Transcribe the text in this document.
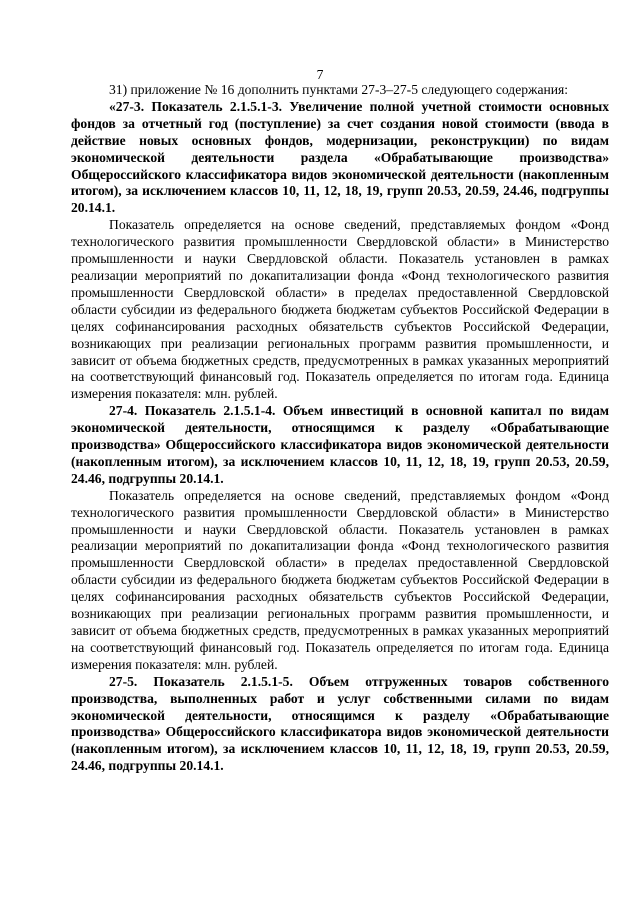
7

31) приложение № 16 дополнить пунктами 27-3–27-5 следующего содержания:

«27-3. Показатель 2.1.5.1-3. Увеличение полной учетной стоимости основных фондов за отчетный год (поступление) за счет создания новой стоимости (ввода в действие новых основных фондов, модернизации, реконструкции) по видам экономической деятельности раздела «Обрабатывающие производства» Общероссийского классификатора видов экономической деятельности (накопленным итогом), за исключением классов 10, 11, 12, 18, 19, групп 20.53, 20.59, 24.46, подгруппы 20.14.1.

Показатель определяется на основе сведений, представляемых фондом «Фонд технологического развития промышленности Свердловской области» в Министерство промышленности и науки Свердловской области. Показатель установлен в рамках реализации мероприятий по докапитализации фонда «Фонд технологического развития промышленности Свердловской области» в пределах предоставленной Свердловской области субсидии из федерального бюджета бюджетам субъектов Российской Федерации в целях софинансирования расходных обязательств субъектов Российской Федерации, возникающих при реализации региональных программ развития промышленности, и зависит от объема бюджетных средств, предусмотренных в рамках указанных мероприятий на соответствующий финансовый год. Показатель определяется по итогам года. Единица измерения показателя: млн. рублей.

27-4. Показатель 2.1.5.1-4. Объем инвестиций в основной капитал по видам экономической деятельности, относящимся к разделу «Обрабатывающие производства» Общероссийского классификатора видов экономической деятельности (накопленным итогом), за исключением классов 10, 11, 12, 18, 19, групп 20.53, 20.59, 24.46, подгруппы 20.14.1.

Показатель определяется на основе сведений, представляемых фондом «Фонд технологического развития промышленности Свердловской области» в Министерство промышленности и науки Свердловской области. Показатель установлен в рамках реализации мероприятий по докапитализации фонда «Фонд технологического развития промышленности Свердловской области» в пределах предоставленной Свердловской области субсидии из федерального бюджета бюджетам субъектов Российской Федерации в целях софинансирования расходных обязательств субъектов Российской Федерации, возникающих при реализации региональных программ развития промышленности, и зависит от объема бюджетных средств, предусмотренных в рамках указанных мероприятий на соответствующий финансовый год. Показатель определяется по итогам года. Единица измерения показателя: млн. рублей.

27-5. Показатель 2.1.5.1-5. Объем отгруженных товаров собственного производства, выполненных работ и услуг собственными силами по видам экономической деятельности, относящимся к разделу «Обрабатывающие производства» Общероссийского классификатора видов экономической деятельности (накопленным итогом), за исключением классов 10, 11, 12, 18, 19, групп 20.53, 20.59, 24.46, подгруппы 20.14.1.
